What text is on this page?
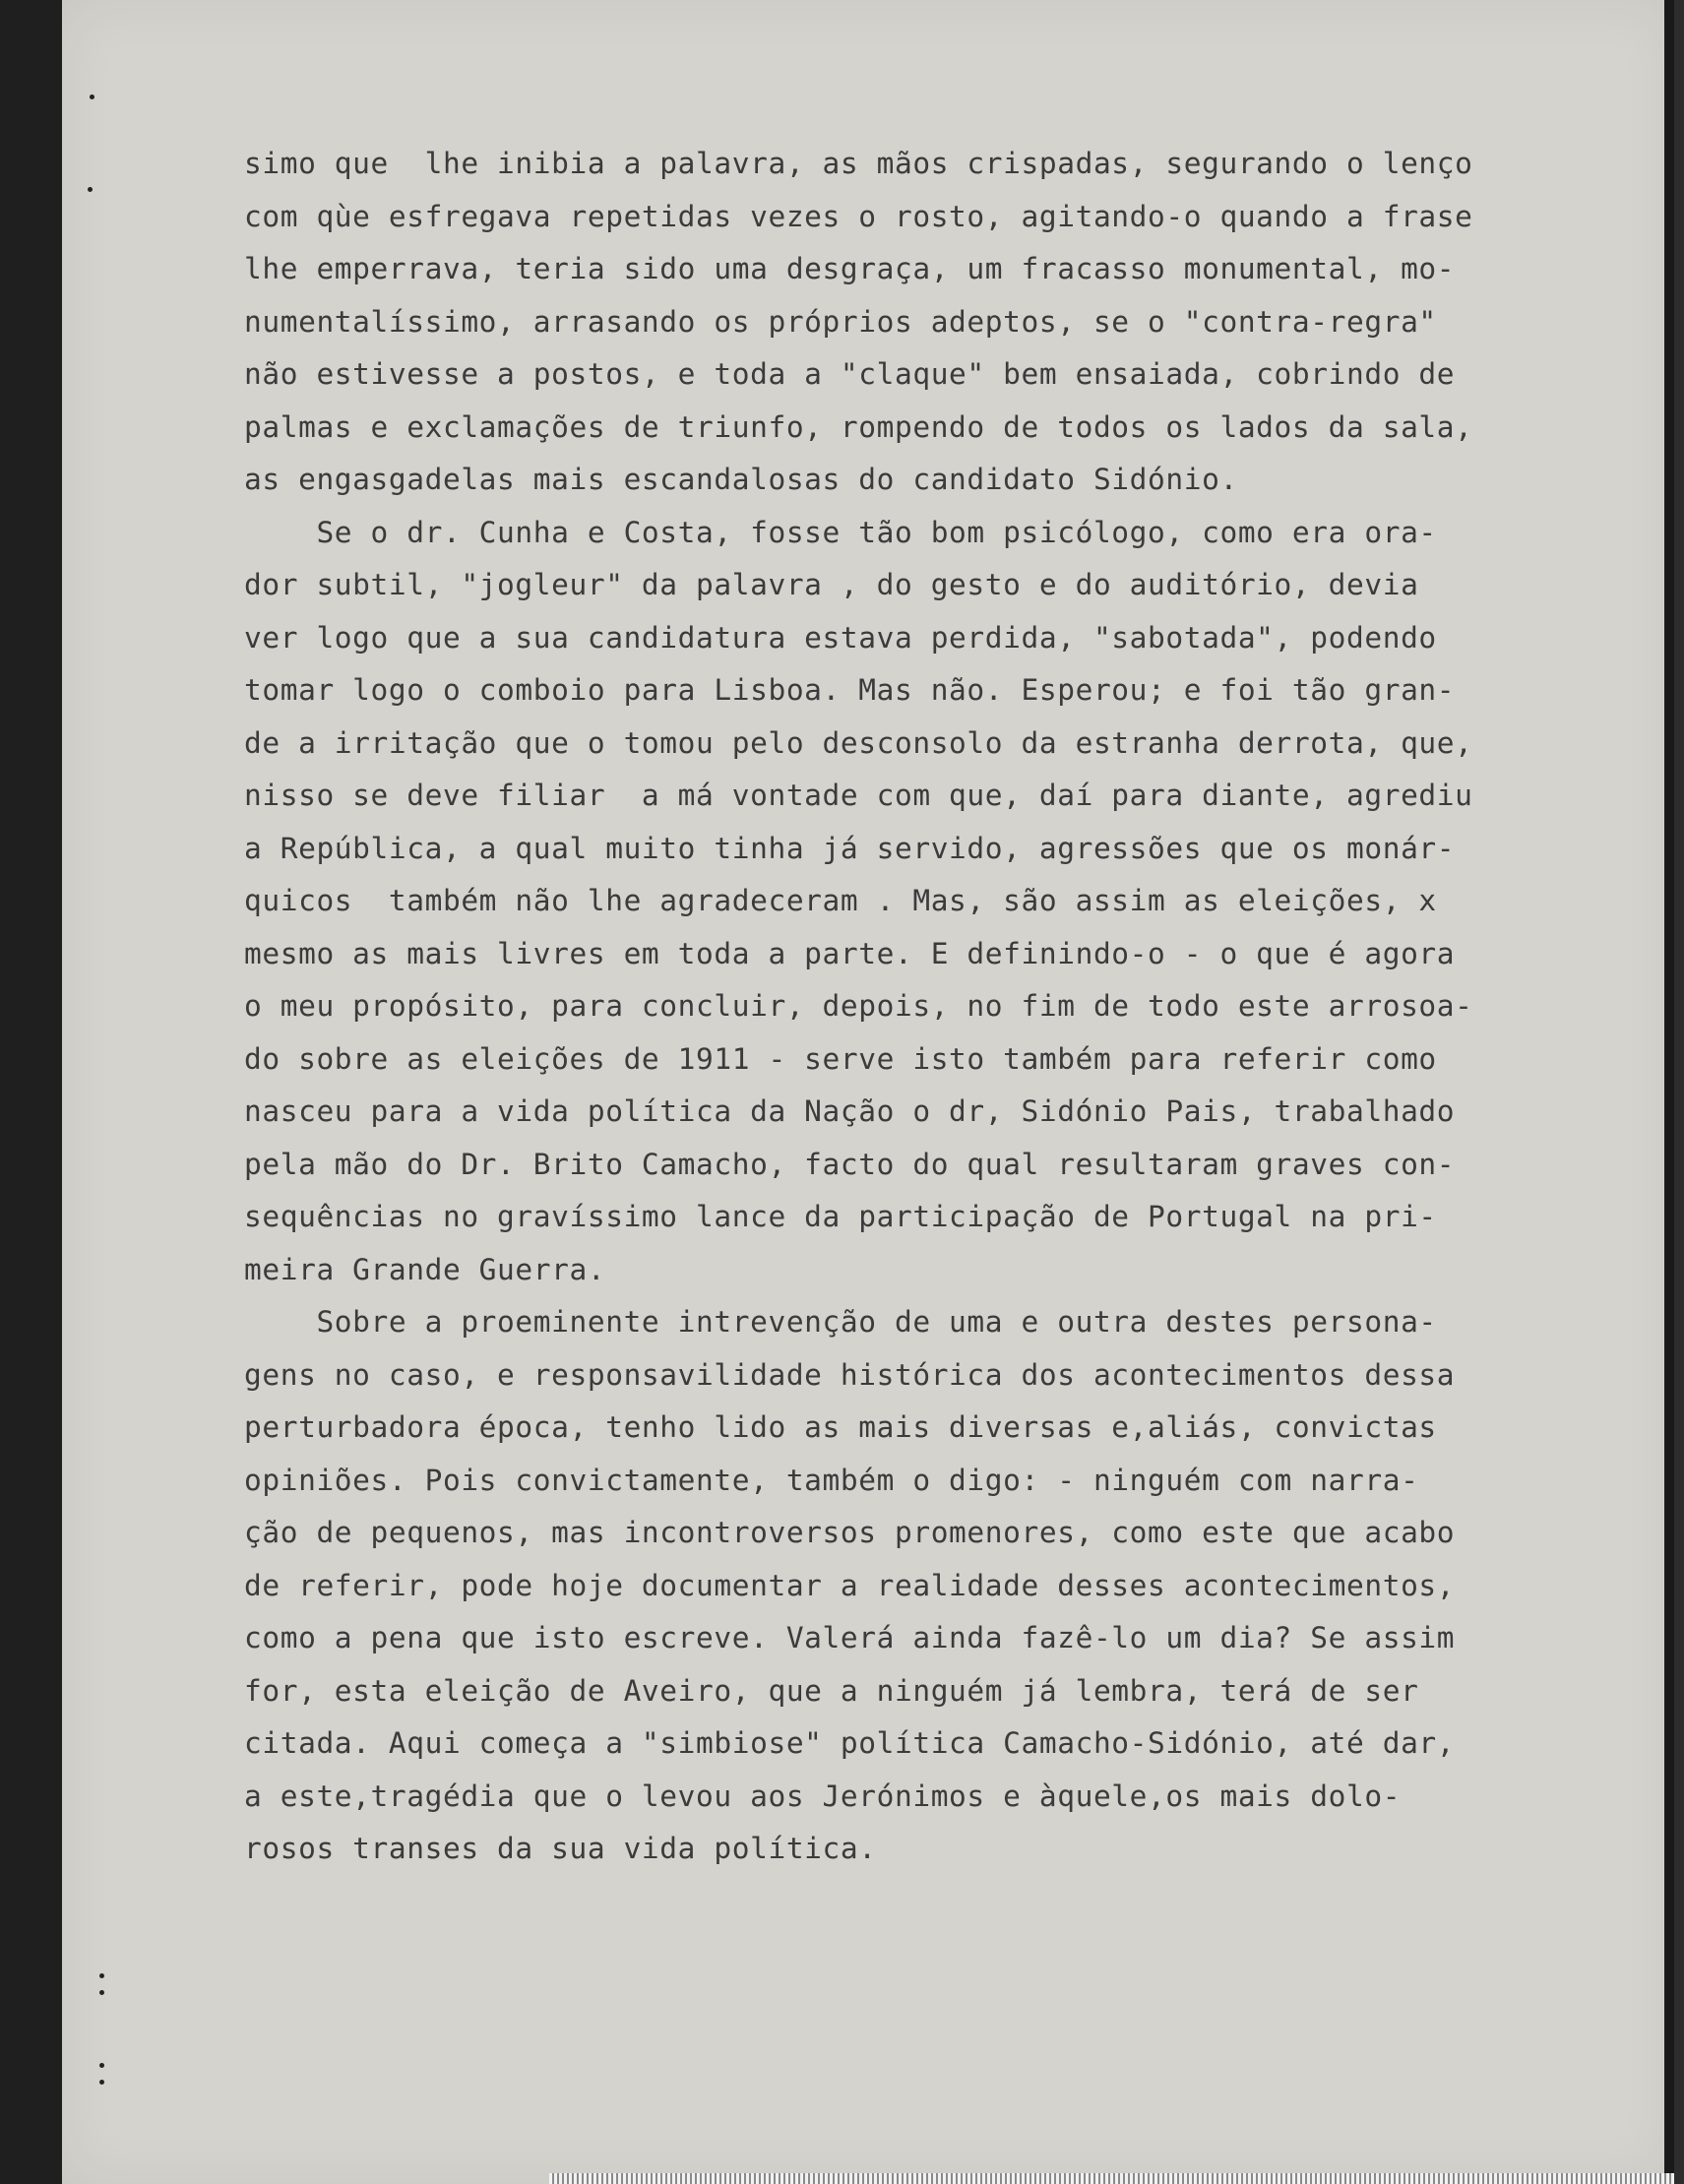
simo que  lhe inibia a palavra, as mãos crispadas, segurando o lenço
com qùe esfregava repetidas vezes o rosto, agitando-o quando a frase
lhe emperrava, teria sido uma desgraça, um fracasso monumental, mo-
numentalíssimo, arrasando os próprios adeptos, se o "contra-regra"
não estivesse a postos, e toda a "claque" bem ensaiada, cobrindo de
palmas e exclamações de triunfo, rompendo de todos os lados da sala,
as engasgadelas mais escandalosas do candidato Sidónio.
Se o dr. Cunha e Costa, fosse tão bom psicólogo, como era ora-
dor subtil, "jogleur" da palavra , do gesto e do auditório, devia
ver logo que a sua candidatura estava perdida, "sabotada", podendo
tomar logo o comboio para Lisboa. Mas não. Esperou; e foi tão gran-
de a irritação que o tomou pelo desconsolo da estranha derrota, que,
nisso se deve filiar  a má vontade com que, daí para diante, agrediu
a República, a qual muito tinha já servido, agressões que os monár-
quicos  também não lhe agradeceram . Mas, são assim as eleições, x
mesmo as mais livres em toda a parte. E definindo-o - o que é agora
o meu propósito, para concluir, depois, no fim de todo este arrosoa-
do sobre as eleições de 1911 - serve isto também para referir como
nasceu para a vida política da Nação o dr, Sidónio Pais, trabalhado
pela mão do Dr. Brito Camacho, facto do qual resultaram graves con-
sequências no gravíssimo lance da participação de Portugal na pri-
meira Grande Guerra.
Sobre a proeminente intrevenção de uma e outra destes persona-
gens no caso, e responsavilidade histórica dos acontecimentos dessa
perturbadora época, tenho lido as mais diversas e,aliás, convictas
opiniões. Pois convictamente, também o digo: - ninguém com narra-
ção de pequenos, mas incontroversos promenores, como este que acabo
de referir, pode hoje documentar a realidade desses acontecimentos,
como a pena que isto escreve. Valerá ainda fazê-lo um dia? Se assim
for, esta eleição de Aveiro, que a ninguém já lembra, terá de ser
citada. Aqui começa a "simbiose" política Camacho-Sidónio, até dar,
a este,tragédia que o levou aos Jerónimos e àquele,os mais dolo-
rosos transes da sua vida política.
